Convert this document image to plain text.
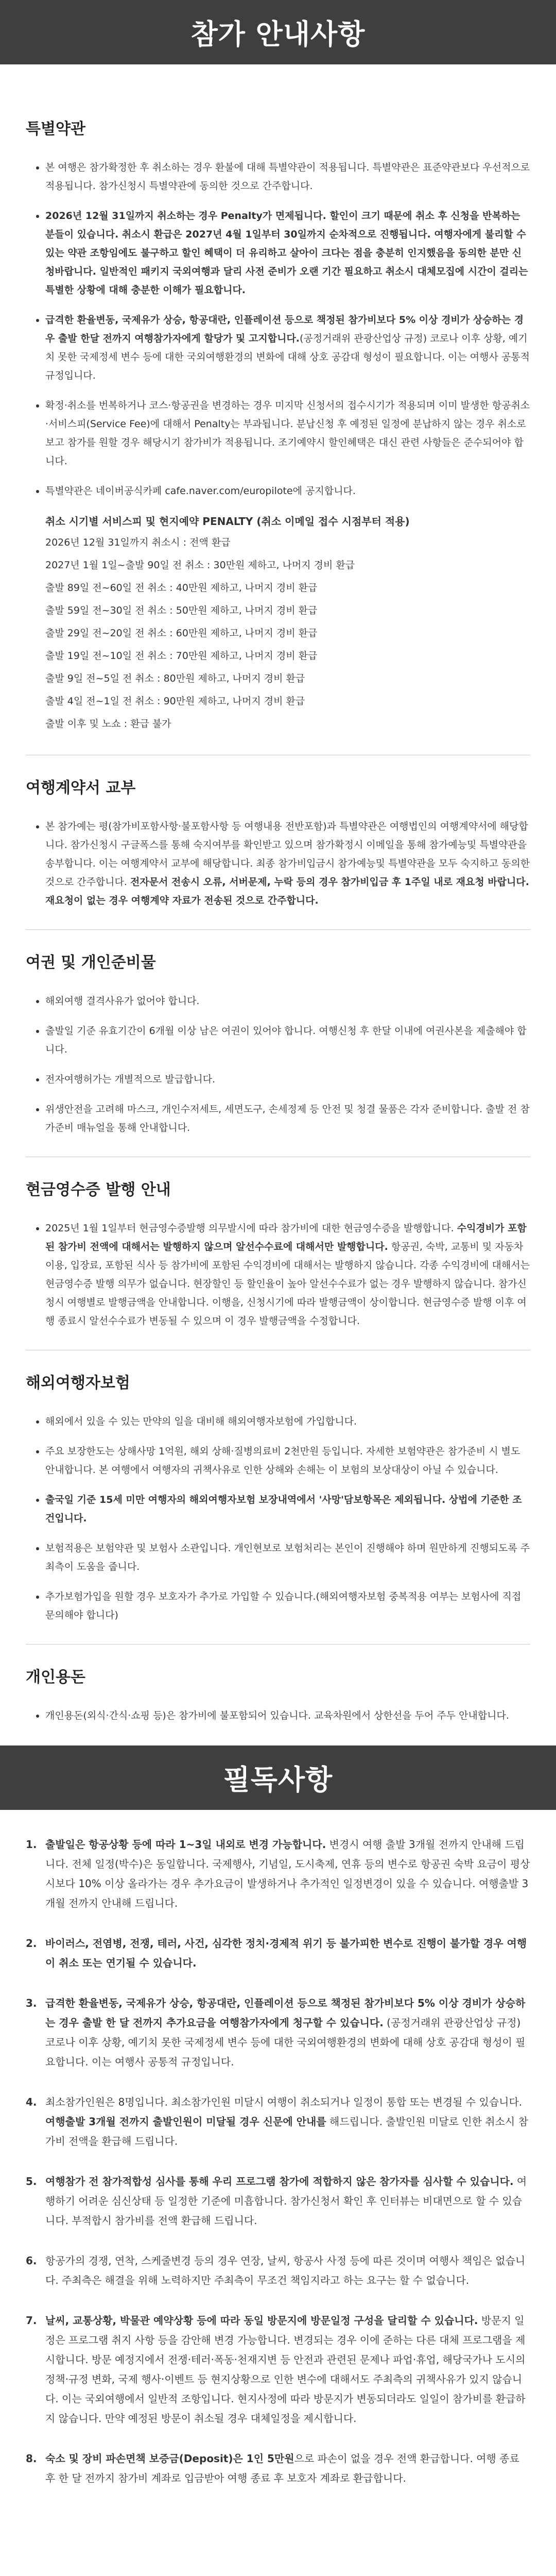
참가 안내사항
특별약관
• 본 여행은 참가확정한 후 취소하는 경우 환불에 대해 특별약관이 적용됩니다. 특별약관은 표준약관보다 우선적으로 적용됩니다. 참가신청시 특별약관에 동의한 것으로 간주합니다.
• 2026년 12월 31일까지 취소하는 경우 Penalty가 면제됩니다. 할인이 크기 때문에 취소 후 신청을 반복하는 분들이 있습니다. 취소시 환급은 2027년 4월 1일부터 30일까지 순차적으로 진행됩니다. 여행자에게 불리할 수 있는 약관 조항임에도 불구하고 할인 혜택이 더 유리하고 살아이 크다는 점을 충분히 인지했음을 동의한 분만 신청바랍니다. 일반적인 패키지 국외여행과 달리 사전 준비가 오랜 기간 필요하고 취소시 대체모집에 시간이 걸리는 특별한 상황에 대해 충분한 이해가 필요합니다.
• 급격한 환율변동, 국제유가 상승, 항공대란, 인플레이션 등으로 책정된 참가비보다 5% 이상 경비가 상승하는 경우 출발 한달 전까지 여행참가자에게 할당가 및 고지합니다.(공정거래위 관광산업상 규정) 코로나 이후 상황, 예기치 못한 국제정세 변수 등에 대한 국외여행환경의 변화에 대해 상호 공감대 형성이 필요합니다. 이는 여행사 공통적 규정입니다.
• 확정·취소를 번복하거나 코스·항공권을 변경하는 경우 미지막 신청서의 접수시기가 적용되며 이미 발생한 항공취소·서비스피(Service Fee)에 대해서 Penalty는 부과됩니다. 분납신청 후 예정된 일정에 분납하지 않는 경우 취소로 보고 참가를 원할 경우 해당시기 참가비가 적용됩니다. 조기예약시 할인혜택은 대신 관련 사항들은 준수되어야 합니다.
• 특별약관은 네이버공식카페 cafe.naver.com/europilote에 공지합니다.
취소 시기별 서비스피 및 현지예약 PENALTY (취소 이메일 접수 시점부터 적용)
2026년 12월 31일까지 취소시 : 전액 환급
2027년 1월 1일~출발 90일 전 취소 : 30만원 제하고, 나머지 경비 환급
출발 89일 전~60일 전 취소 : 40만원 제하고, 나머지 경비 환급
출발 59일 전~30일 전 취소 : 50만원 제하고, 나머지 경비 환급
출발 29일 전~20일 전 취소 : 60만원 제하고, 나머지 경비 환급
출발 19일 전~10일 전 취소 : 70만원 제하고, 나머지 경비 환급
출발 9일 전~5일 전 취소 : 80만원 제하고, 나머지 경비 환급
출발 4일 전~1일 전 취소 : 90만원 제하고, 나머지 경비 환급
출발 이후 및 노쇼 : 환급 불가
여행계약서 교부
• 본 참가예는 평(참가비포함사항·불포함사항 등 여행내용 전반포함)과 특별약관은 여행법인의 여행계약서에 해당합니다. 참가신청시 구글폭스를 통해 숙지여부를 확인받고 있으며 참가확정시 이메일을 통해 참가예능및 특별약관을 송부합니다. 이는 여행계약서 교부에 해당합니다. 최종 참가비입금시 참가예능및 특별약관을 모두 숙지하고 동의한 것으로 간주합니다. 전자문서 전송시 오류, 서버문제, 누락 등의 경우 참가비입금 후 1주일 내로 재요청 바랍니다. 재요청이 없는 경우 여행계약 자료가 전송된 것으로 간주합니다.
여권 및 개인준비물
• 해외여행 결격사유가 없어야 합니다.
• 출발일 기준 유효기간이 6개월 이상 남은 여권이 있어야 합니다. 여행신청 후 한달 이내에 여권사본을 제출해야 합니다.
• 전자여행허가는 개별적으로 발급합니다.
• 위생안전을 고려해 마스크, 개인수저세트, 세면도구, 손세정제 등 안전 및 청결 물품은 각자 준비합니다. 출발 전 참가준비 매뉴얼을 통해 안내합니다.
현금영수증 발행 안내
• 2025년 1월 1일부터 현금영수증발행 의무발시에 따라 참가비에 대한 현금영수증을 발행합니다. 수익경비가 포함된 참가비 전액에 대해서는 발행하지 않으며 알선수수료에 대해서만 발행합니다. 항공권, 숙박, 교통비 및 자동차 이용, 입장료, 포함된 식사 등 참가비에 포함된 수익경비에 대해서는 발행하지 않습니다. 각종 수익경비에 대해서는 현금영수증 발행 의무가 없습니다. 현장할인 등 할인율이 높아 알선수수료가 없는 경우 발행하지 않습니다. 참가신청시 여행별로 발행금액을 안내합니다. 이행을, 신청시기에 따라 발행금액이 상이합니다. 현금영수증 발행 이후 여행 종료시 알선수수료가 변동될 수 있으며 이 경우 발행금액을 수정합니다.
해외여행자보험
• 해외에서 있을 수 있는 만약의 일을 대비해 해외여행자보험에 가입합니다.
• 주요 보장한도는 상해사망 1억원, 해외 상해·질병의료비 2천만원 등입니다. 자세한 보험약관은 참가준비 시 별도 안내합니다. 본 여행에서 여행자의 귀책사유로 인한 상해와 손해는 이 보험의 보상대상이 아닐 수 있습니다.
• 출국일 기준 15세 미만 여행자의 해외여행자보험 보장내역에서 '사망'담보항목은 제외됩니다. 상법에 기준한 조건입니다.
• 보험적용은 보험약관 및 보험사 소관입니다. 개인현보로 보험처리는 본인이 진행해야 하며 원만하게 진행되도록 주최측이 도움을 줍니다.
• 추가보험가입을 원할 경우 보호자가 추가로 가입할 수 있습니다.(해외여행자보험 중복적용 여부는 보험사에 직접 문의해야 합니다)
개인용돈
• 개인용돈(외식·간식·쇼핑 등)은 참가비에 불포함되어 있습니다. 교육차원에서 상한선을 두어 주두 안내합니다.
필독사항
1. 출발일은 항공상황 등에 따라 1~3일 내외로 변경 가능합니다. 변경시 여행 출발 3개월 전까지 안내해 드립니다. 전체 일정(박수)은 동일합니다. 국제행사, 기념일, 도시축제, 연휴 등의 변수로 항공권 숙박 요금이 평상시보다 10% 이상 올라가는 경우 추가요금이 발생하거나 추가적인 일정변경이 있을 수 있습니다. 여행출발 3개월 전까지 안내해 드립니다.
2. 바이러스, 전염병, 전쟁, 테러, 사건, 심각한 정치·경제적 위기 등 불가피한 변수로 진행이 불가할 경우 여행이 취소 또는 연기될 수 있습니다.
3. 급격한 환율변동, 국제유가 상승, 항공대란, 인플레이션 등으로 책정된 참가비보다 5% 이상 경비가 상승하는 경우 출발 한 달 전까지 추가요금을 여행참가자에게 청구할 수 있습니다. (공정거래위 관광산업상 규정) 코로나 이후 상황, 예기치 못한 국제정세 변수 등에 대한 국외여행환경의 변화에 대해 상호 공감대 형성이 필요합니다. 이는 여행사 공통적 규정입니다.
4. 최소참가인원은 8명입니다. 최소참가인원 미달시 여행이 취소되거나 일정이 통합 또는 변경될 수 있습니다. 여행출발 3개월 전까지 출발인원이 미달될 경우 신문에 안내를 해드립니다. 출발인원 미달로 인한 취소시 참가비 전액을 환급해 드립니다.
5. 여행참가 전 참가적합성 심사를 통해 우리 프로그램 참가에 적합하지 않은 참가자를 심사할 수 있습니다. 여행하기 어려운 심신상태 등 일정한 기준에 미흡합니다. 참가신청서 확인 후 인터뷰는 비대면으로 할 수 있습니다. 부적합시 참가비를 전액 환급해 드립니다.
6. 항공가의 경쟁, 연착, 스케줄변경 등의 경우 연장, 날씨, 항공사 사정 등에 따른 것이며 여행사 책임은 없습니다. 주최측은 해결을 위해 노력하지만 주최측이 무조건 책임지라고 하는 요구는 할 수 없습니다.
7. 날씨, 교통상황, 박물관 예약상황 등에 따라 동일 방문지에 방문일정 구성을 달리할 수 있습니다. 방문지 일정은 프로그램 취지 사항 등을 감안해 변경 가능합니다. 변경되는 경우 이에 준하는 다른 대체 프로그램을 제시합니다. 방문 예정지에서 전쟁·테러·폭동·천재지변 등 안전과 관련된 문제나 파업·휴업, 해당국가나 도시의 정책·규정 변화, 국제 행사·이벤트 등 현지상황으로 인한 변수에 대해서도 주최측의 귀책사유가 있지 않습니다. 이는 국외여행에서 일반적 조항입니다. 현지사정에 따라 방문지가 변동되더라도 일일이 참가비를 환급하지 않습니다. 만약 예정된 방문이 취소될 경우 대체일정을 제시합니다.
8. 숙소 및 장비 파손면책 보증금(Deposit)은 1인 5만원으로 파손이 없을 경우 전액 환급합니다. 여행 종료 후 한 달 전까지 참가비 계좌로 입금받아 여행 종료 후 보호자 계좌로 환급합니다.
